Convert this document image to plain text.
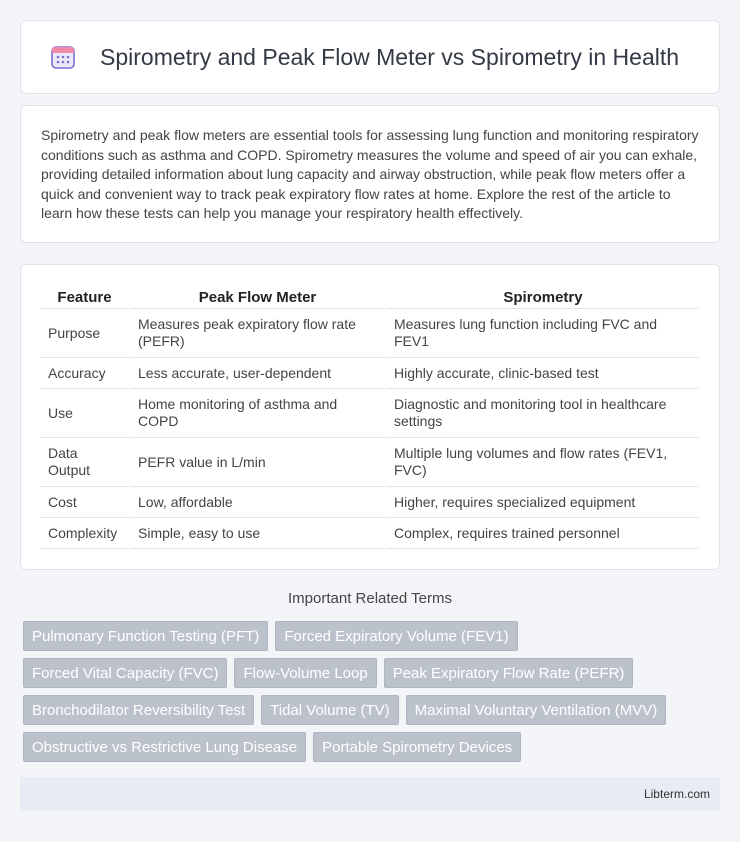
Spirometry and Peak Flow Meter vs Spirometry in Health

Spirometry and peak flow meters are essential tools for assessing lung function and monitoring respiratory conditions such as asthma and COPD. Spirometry measures the volume and speed of air you can exhale, providing detailed information about lung capacity and airway obstruction, while peak flow meters offer a quick and convenient way to track peak expiratory flow rates at home. Explore the rest of the article to learn how these tests can help you manage your respiratory health effectively.

Feature	Peak Flow Meter	Spirometry
Purpose	Measures peak expiratory flow rate (PEFR)	Measures lung function including FVC and FEV1
Accuracy	Less accurate, user-dependent	Highly accurate, clinic-based test
Use	Home monitoring of asthma and COPD	Diagnostic and monitoring tool in healthcare settings
Data Output	PEFR value in L/min	Multiple lung volumes and flow rates (FEV1, FVC)
Cost	Low, affordable	Higher, requires specialized equipment
Complexity	Simple, easy to use	Complex, requires trained personnel
Important Related Terms
Pulmonary Function Testing (PFT)	Forced Expiratory Volume (FEV1)
Forced Vital Capacity (FVC)	Flow-Volume Loop	Peak Expiratory Flow Rate (PEFR)
Bronchodilator Reversibility Test	Tidal Volume (TV)	Maximal Voluntary Ventilation (MVV)
Obstructive vs Restrictive Lung Disease	Portable Spirometry Devices
Libterm.com
